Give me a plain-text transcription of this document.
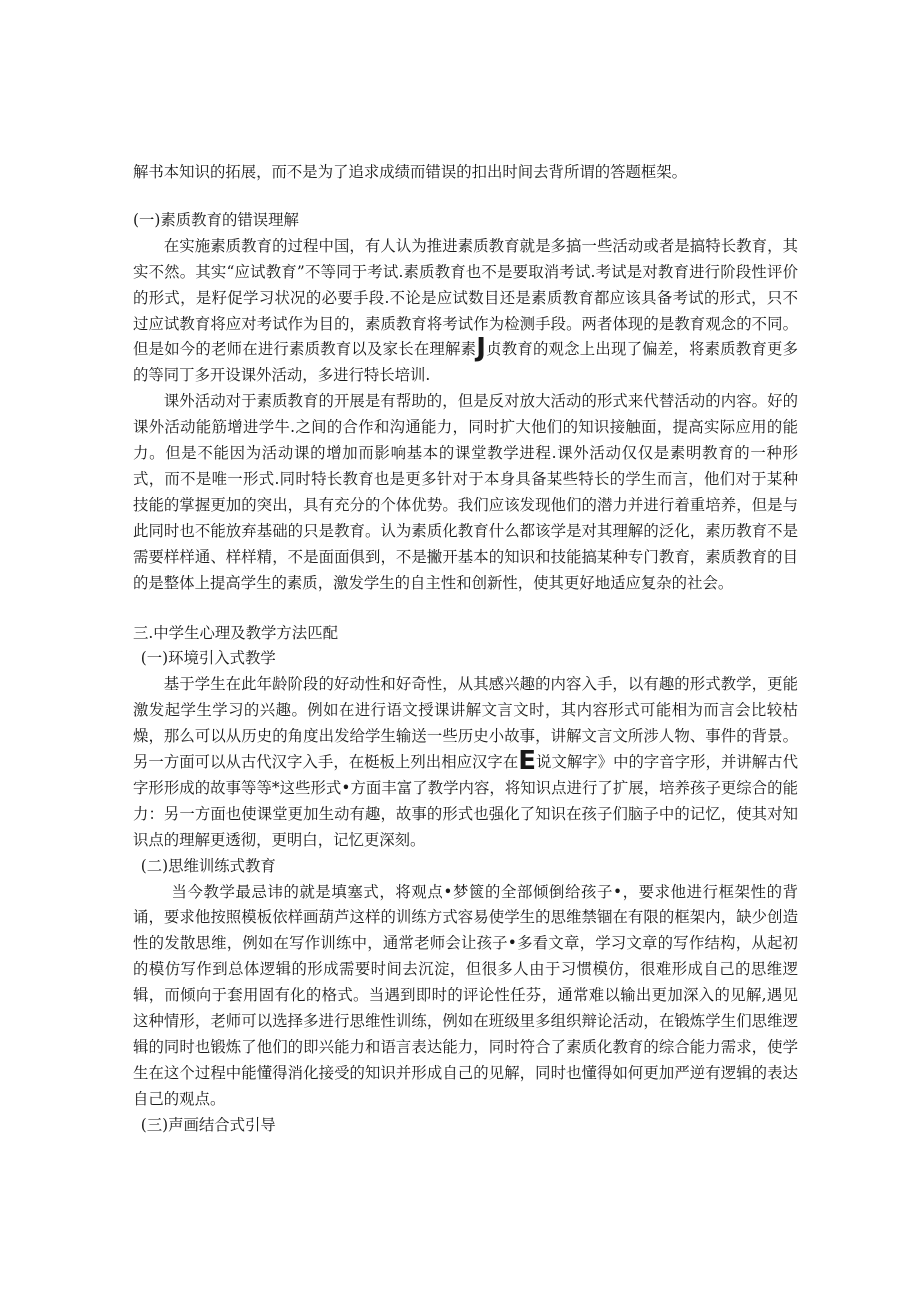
解书本知识的拓展，而不是为了追求成绩而错误的扣出时间去背所谓的答题框架。

(一)素质教育的错误理解

在实施素质教育的过程中国，有人认为推进素质教育就是多搞一些活动或者是搞特长教育，其实不然。其实“应试教育”不等同于考试.素质教育也不是要取消考试.考试是对教育进行阶段性评价的形式，是籽促学习状况的必要手段.不论是应试数目还是素质教育都应该具备考试的形式，只不过应试教育将应对考试作为目的，素质教育将考试作为检测手段。两者体现的是教育观念的不同。但是如今的老师在进行素质教育以及家长在理解素J贞教育的观念上出现了偏差，将素质教育更多的等同丁多开设课外活动，多进行特长培训.

课外活动对于素质教育的开展是有帮助的，但是反对放大活动的形式来代替活动的内容。好的课外活动能筋增进学牛.之间的合作和沟通能力，同时扩大他们的知识接触面，提高实际应用的能力。但是不能因为活动课的增加而影响基本的课堂教学进程.课外活动仅仅是素明教育的一种形式，而不是唯一形式.同时特长教育也是更多针对于本身具备某些特长的学生而言，他们对于某种技能的掌握更加的突出，具有充分的个体优势。我们应该发现他们的潜力并进行着重培养，但是与此同时也不能放弃基础的只是教育。认为素质化教育什么都该学是对其理解的泛化，素历教育不是需要样样通、样样精，不是面面俱到，不是撇开基本的知识和技能搞某种专门教育，素质教育的目的是整体上提高学生的素质，激发学生的自主性和创新性，使其更好地适应复杂的社会。

三.中学生心理及教学方法匹配

(一)环境引入式教学

基于学生在此年龄阶段的好动性和好奇性，从其感兴趣的内容入手，以有趣的形式教学，更能激发起学生学习的兴趣。例如在进行语文授课讲解文言文时，其内容形式可能相为而言会比较枯燥，那么可以从历史的角度出发给学生输送一些历史小故事，讲解文言文所涉人物、事件的背景。另一方面可以从古代汉字入手，在梃板上列出相应汉字在E说文解字》中的字音字形，并讲解古代字形形成的故事等等*这些形式•方面丰富了教学内容，将知识点进行了扩展，培养孩子更综合的能力：另一方面也使课堂更加生动有趣，故事的形式也强化了知识在孩子们脑子中的记忆，使其对知识点的理解更透彻，更明白，记忆更深刻。

(二)思维训练式教育

当今教学最忌讳的就是填塞式，将观点•梦篋的全部倾倒给孩子•，要求他进行框架性的背诵，要求他按照模板依样画葫芦这样的训练方式容易使学生的思维禁锢在有限的框架内，缺少创造性的发散思维，例如在写作训练中，通常老师会让孩子•多看文章，学习文章的写作结构，从起初的模仿写作到总体逻辑的形成需要时间去沉淀，但很多人由于习惯模仿，很难形成自己的思维逻辑，而倾向于套用固有化的格式。当遇到即时的评论性任芬，通常难以输出更加深入的见解,遇见这种情形，老师可以选择多进行思维性训练，例如在班级里多组织辩论活动，在锻炼学生们思维逻辑的同时也锻炼了他们的即兴能力和语言表达能力，同时符合了素质化教育的综合能力需求，使学生在这个过程中能懂得消化接受的知识并形成自己的见解，同时也懂得如何更加严逆有逻辑的表达自己的观点。

(三)声画结合式引导
